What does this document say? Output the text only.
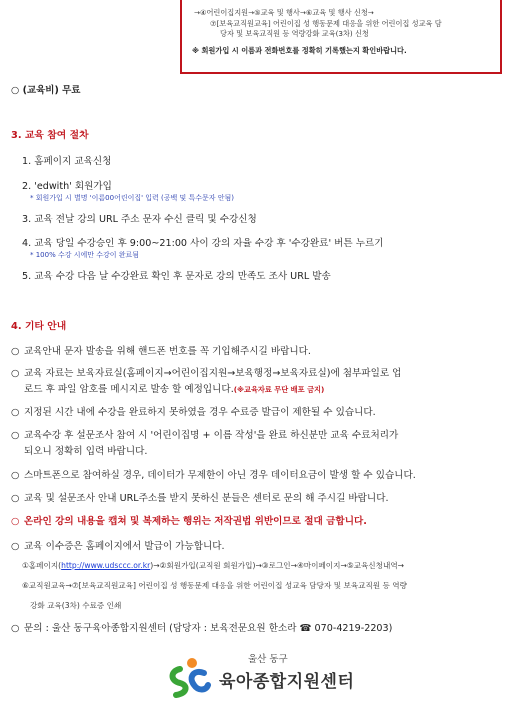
→④어린이집지원→⑤교육 및 행사→⑥교육 및 행사 신청→
⑦[보육교직원교육] 어린이집 성 행동문제 대응을 위한 어린이집 성교육 담
당자 및 보육교직원 등 역량강화 교육(3차) 신청
※ 회원가입 시 이름과 전화번호를 정확히 기록했는지 확인바랍니다.
○ (교육비) 무료
3. 교육 참여 절차
1. 홈페이지 교육신청
2. 'edwith' 회원가입
* 회원가입 시 별명 '이름00어린이집' 입력 (공백 및 특수문자 안됨)
3. 교육 전날 강의 URL 주소 문자 수신 클릭 및 수강신청
4. 교육 당일 수강승인 후 9:00~21:00 사이 강의 자율 수강 후 '수강완료' 버튼 누르기
* 100% 수강 시에만 수강이 완료됨
5. 교육 수강 다음 날 수강완료 확인 후 문자로 강의 만족도 조사 URL 발송
4. 기타 안내
○ 교육안내 문자 발송을 위해 핸드폰 번호를 꼭 기입해주시길 바랍니다.
○ 교육 자료는 보육자료실(홈페이지→어린이집지원→보육행정→보육자료실)에 첨부파일로 업
로드 후 파일 암호를 메시지로 발송 할 예정입니다.(※교육자료 무단 배포 금지)
○ 지정된 시간 내에 수강을 완료하지 못하였을 경우 수료증 발급이 제한될 수 있습니다.
○ 교육수강 후 설문조사 참여 시 '어린이집명 + 이름 작성'을 완료 하신분만 교육 수료처리가
되오니 정확히 입력 바랍니다.
○ 스마트폰으로 참여하실 경우, 데이터가 무제한이 아닌 경우 데이터요금이 발생 할 수 있습니다.
○ 교육 및 설문조사 안내 URL주소를 받지 못하신 분들은 센터로 문의 해 주시길 바랍니다.
○ 온라인 강의 내용을 캡쳐 및 복제하는 행위는 저작권법 위반이므로 절대 금합니다.
○ 교육 이수증은 홈페이지에서 발급이 가능합니다.
①홈페이지(http://www.udsccc.or.kr)→②회원가입(교직원 회원가입)→③로그인→④마이페이지→⑤교육신청내역→
⑥교직원교육→⑦[보육교직원교육] 어린이집 성 행동문제 대응을 위한 어린이집 성교육 담당자 및 보육교직원 등 역량
강화 교육(3차) 수료증 인쇄
○ 문의 : 울산 동구육아종합지원센터 (담당자 : 보육전문요원 한소라 ☎ 070-4219-2203)
울산 동구
육아종합지원센터
